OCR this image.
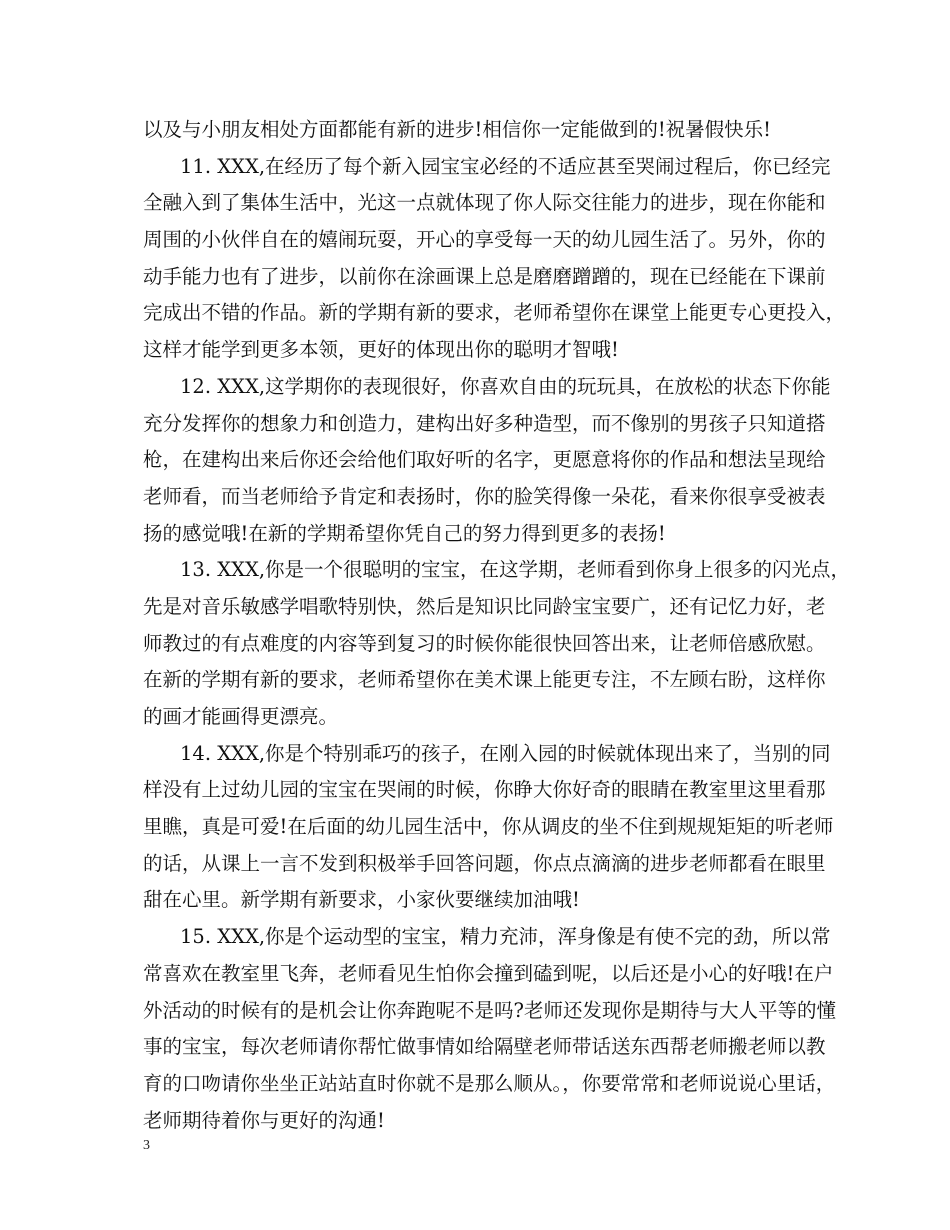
以及与小朋友相处方面都能有新的进步!相信你一定能做到的!祝暑假快乐!
11. XXX,在经历了每个新入园宝宝必经的不适应甚至哭闹过程后，你已经完
全融入到了集体生活中，光这一点就体现了你人际交往能力的进步，现在你能和
周围的小伙伴自在的嬉闹玩耍，开心的享受每一天的幼儿园生活了。另外，你的
动手能力也有了进步，以前你在涂画课上总是磨磨蹭蹭的，现在已经能在下课前
完成出不错的作品。新的学期有新的要求，老师希望你在课堂上能更专心更投入，
这样才能学到更多本领，更好的体现出你的聪明才智哦!
12. XXX,这学期你的表现很好，你喜欢自由的玩玩具，在放松的状态下你能
充分发挥你的想象力和创造力，建构出好多种造型，而不像别的男孩子只知道搭
枪，在建构出来后你还会给他们取好听的名字，更愿意将你的作品和想法呈现给
老师看，而当老师给予肯定和表扬时，你的脸笑得像一朵花，看来你很享受被表
扬的感觉哦!在新的学期希望你凭自己的努力得到更多的表扬!
13. XXX,你是一个很聪明的宝宝，在这学期，老师看到你身上很多的闪光点，
先是对音乐敏感学唱歌特别快，然后是知识比同龄宝宝要广，还有记忆力好，老
师教过的有点难度的内容等到复习的时候你能很快回答出来，让老师倍感欣慰。
在新的学期有新的要求，老师希望你在美术课上能更专注，不左顾右盼，这样你
的画才能画得更漂亮。
14. XXX,你是个特别乖巧的孩子，在刚入园的时候就体现出来了，当别的同
样没有上过幼儿园的宝宝在哭闹的时候，你睁大你好奇的眼睛在教室里这里看那
里瞧，真是可爱!在后面的幼儿园生活中，你从调皮的坐不住到规规矩矩的听老师
的话，从课上一言不发到积极举手回答问题，你点点滴滴的进步老师都看在眼里
甜在心里。新学期有新要求，小家伙要继续加油哦!
15. XXX,你是个运动型的宝宝，精力充沛，浑身像是有使不完的劲，所以常
常喜欢在教室里飞奔，老师看见生怕你会撞到磕到呢，以后还是小心的好哦!在户
外活动的时候有的是机会让你奔跑呢不是吗?老师还发现你是期待与大人平等的懂
事的宝宝，每次老师请你帮忙做事情如给隔壁老师带话送东西帮老师搬老师以教
育的口吻请你坐坐正站站直时你就不是那么顺从。，你要常常和老师说说心里话，
老师期待着你与更好的沟通!
3
